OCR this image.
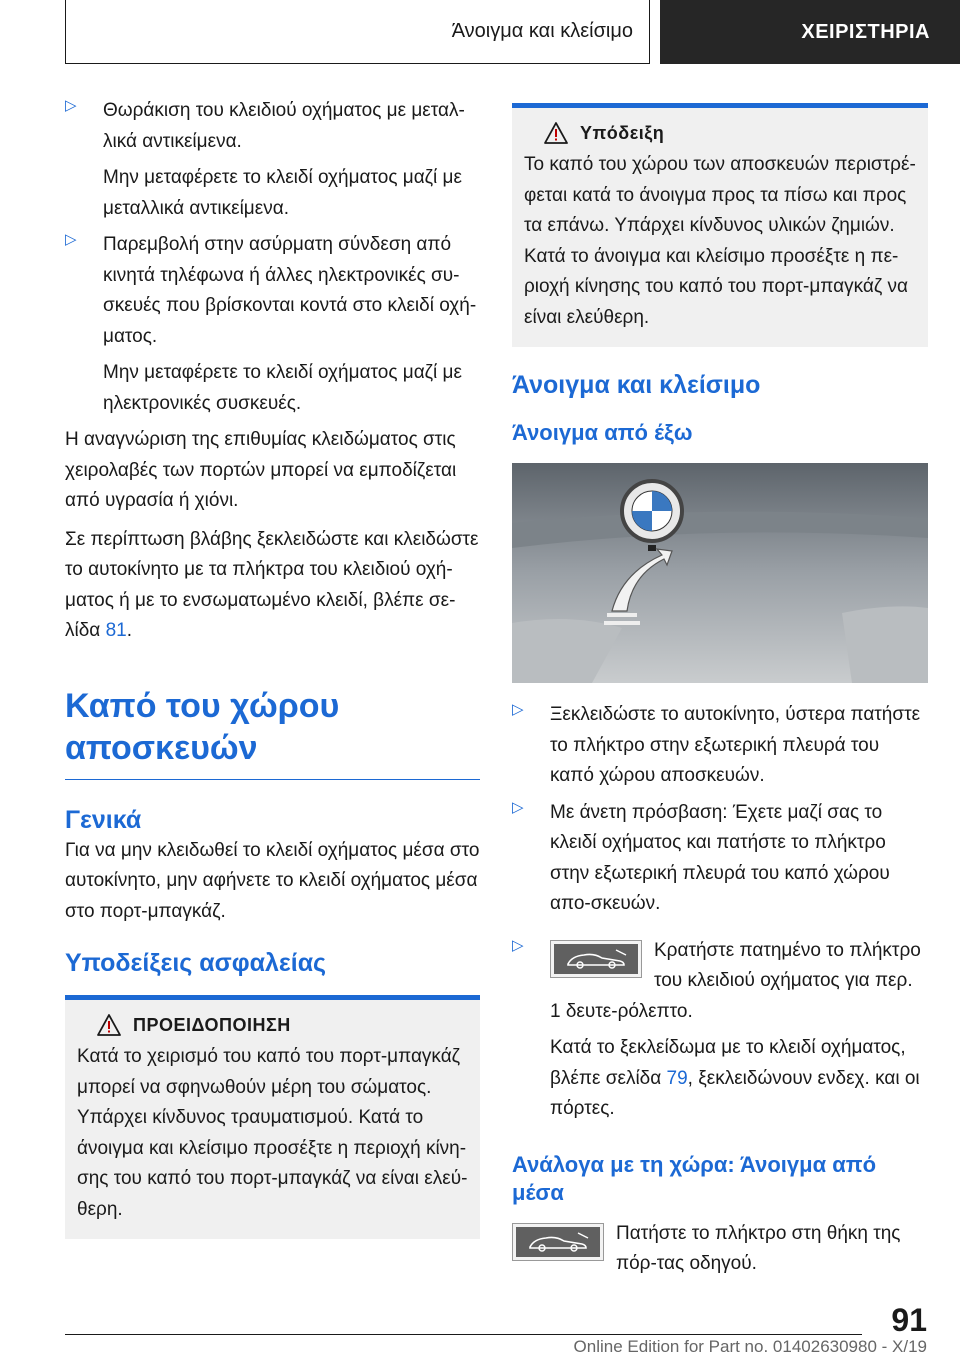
Άνοιγμα και κλείσιμο	ΧΕΙΡΙΣΤΗΡΙΑ
▷ Θωράκιση του κλειδιού οχήματος με μεταλ-λικά αντικείμενα.

Μην μεταφέρετε το κλειδί οχήματος μαζί με μεταλλικά αντικείμενα.

▷ Παρεμβολή στην ασύρματη σύνδεση από κινητά τηλέφωνα ή άλλες ηλεκτρονικές συ-σκευές που βρίσκονται κοντά στο κλειδί οχή-ματος.

Μην μεταφέρετε το κλειδί οχήματος μαζί με ηλεκτρονικές συσκευές.

Η αναγνώριση της επιθυμίας κλειδώματος στις χειρολαβές των πορτών μπορεί να εμποδίζεται από υγρασία ή χιόνι.

Σε περίπτωση βλάβης ξεκλειδώστε και κλειδώστε το αυτοκίνητο με τα πλήκτρα του κλειδιού οχή-ματος ή με το ενσωματωμένο κλειδί, βλέπε σε-λίδα 81.

Καπό του χώρου αποσκευών
Γενικά

Για να μην κλειδωθεί το κλειδί οχήματος μέσα στο αυτοκίνητο, μην αφήνετε το κλειδί οχήματος μέσα στο πορτ-μπαγκάζ.

Υποδείξεις ασφαλείας
ΠΡΟΕΙΔΟΠΟΙΗΣΗ

Κατά το χειρισμό του καπό του πορτ-μπαγκάζ μπορεί να σφηνωθούν μέρη του σώματος. Υπάρχει κίνδυνος τραυματισμού. Κατά το άνοιγμα και κλείσιμο προσέξτε η περιοχή κίνη-σης του καπό του πορτ-μπαγκάζ να είναι ελεύ-θερη.

Υπόδειξη

Το καπό του χώρου των αποσκευών περιστρέ-φεται κατά το άνοιγμα προς τα πίσω και προς τα επάνω. Υπάρχει κίνδυνος υλικών ζημιών. Κατά το άνοιγμα και κλείσιμο προσέξτε η πε-ριοχή κίνησης του καπό του πορτ-μπαγκάζ να είναι ελεύθερη.

Άνοιγμα και κλείσιμο
Άνοιγμα από έξω
▷ Ξεκλειδώστε το αυτοκίνητο, ύστερα πατήστε το πλήκτρο στην εξωτερική πλευρά του καπό χώρου αποσκευών.

▷ Με άνετη πρόσβαση: Έχετε μαζί σας το κλειδί οχήματος και πατήστε το πλήκτρο στην εξωτερική πλευρά του καπό χώρου απο-σκευών.

▷	Κρατήστε πατημένο το πλήκτρο του κλειδιού οχήματος για περ. 1 δευτε-ρόλεπτο.

Κατά το ξεκλείδωμα με το κλειδί οχήματος, βλέπε σελίδα 79, ξεκλειδώνουν ενδεχ. και οι πόρτες.

Ανάλογα με τη χώρα: Άνοιγμα από μέσα

Πατήστε το πλήκτρο στη θήκη της πόρ-τας οδηγού.

91
Online Edition for Part no. 01402630980 - X/19
